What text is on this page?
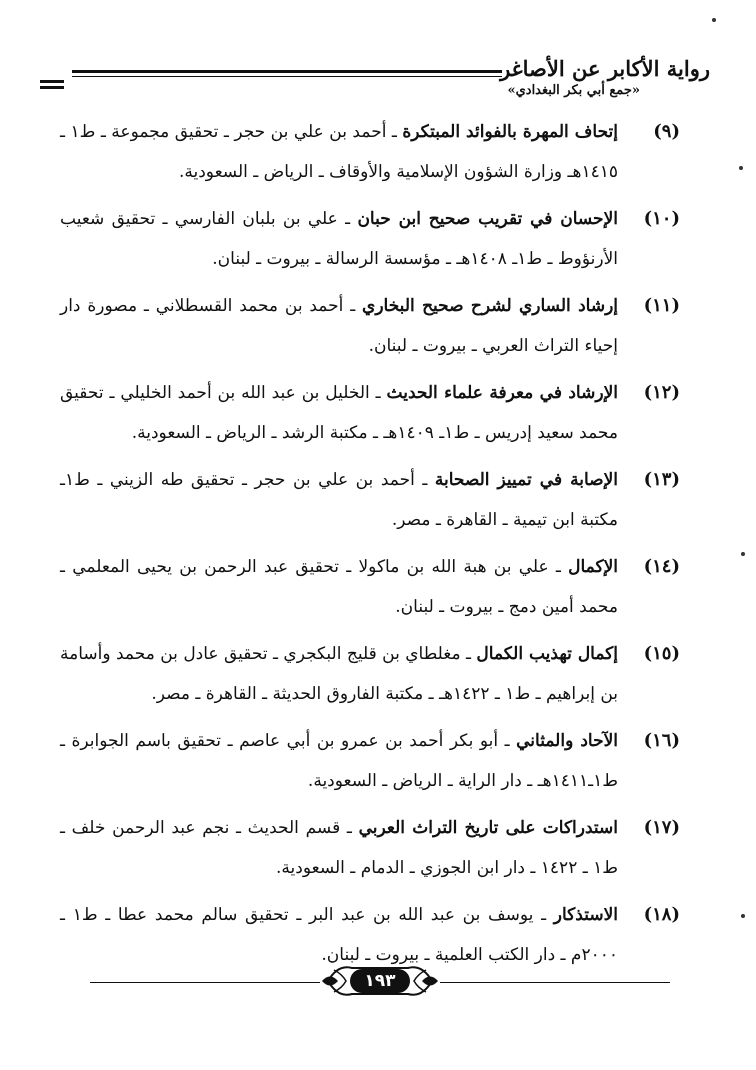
رواية الأكابر عن الأصاغر
«جمع أبي بكر البغدادي»
(٩)
إتحاف المهرة بالفوائد المبتكرة ـ أحمد بن علي بن حجر ـ تحقيق مجموعة ـ ط١ ـ ١٤١٥هـ وزارة الشؤون الإسلامية والأوقاف ـ الرياض ـ السعودية.
(١٠)
الإحسان في تقريب صحيح ابن حبان ـ علي بن بلبان الفارسي ـ تحقيق شعيب الأرنؤوط ـ ط١ـ ١٤٠٨هـ ـ مؤسسة الرسالة ـ بيروت ـ لبنان.
(١١)
إرشاد الساري لشرح صحيح البخاري ـ أحمد بن محمد القسطلاني ـ مصورة دار إحياء التراث العربي ـ بيروت ـ لبنان.
(١٢)
الإرشاد في معرفة علماء الحديث ـ الخليل بن عبد الله بن أحمد الخليلي ـ تحقيق محمد سعيد إدريس ـ ط١ـ ١٤٠٩هـ ـ مكتبة الرشد ـ الرياض ـ السعودية.
(١٣)
الإصابة في تمييز الصحابة ـ أحمد بن علي بن حجر ـ تحقيق طه الزيني ـ ط١ـ مكتبة ابن تيمية ـ القاهرة ـ مصر.
(١٤)
الإكمال ـ علي بن هبة الله بن ماكولا ـ تحقيق عبد الرحمن بن يحيى المعلمي ـ محمد أمين دمج ـ بيروت ـ لبنان.
(١٥)
إكمال تهذيب الكمال ـ مغلطاي بن قليج البكجري ـ تحقيق عادل بن محمد وأسامة بن إبراهيم ـ ط١ ـ ١٤٢٢هـ ـ مكتبة الفاروق الحديثة ـ القاهرة ـ مصر.
(١٦)
الآحاد والمثاني ـ أبو بكر أحمد بن عمرو بن أبي عاصم ـ تحقيق باسم الجوابرة ـ ط١ـ١٤١١هـ ـ دار الراية ـ الرياض ـ السعودية.
(١٧)
استدراكات على تاريخ التراث العربي ـ قسم الحديث ـ نجم عبد الرحمن خلف ـ ط١ ـ ١٤٢٢ ـ دار ابن الجوزي ـ الدمام ـ السعودية.
(١٨)
الاستذكار ـ يوسف بن عبد الله بن عبد البر ـ تحقيق سالم محمد عطا ـ ط١ ـ ٢٠٠٠م ـ دار الكتب العلمية ـ بيروت ـ لبنان.
١٩٣
